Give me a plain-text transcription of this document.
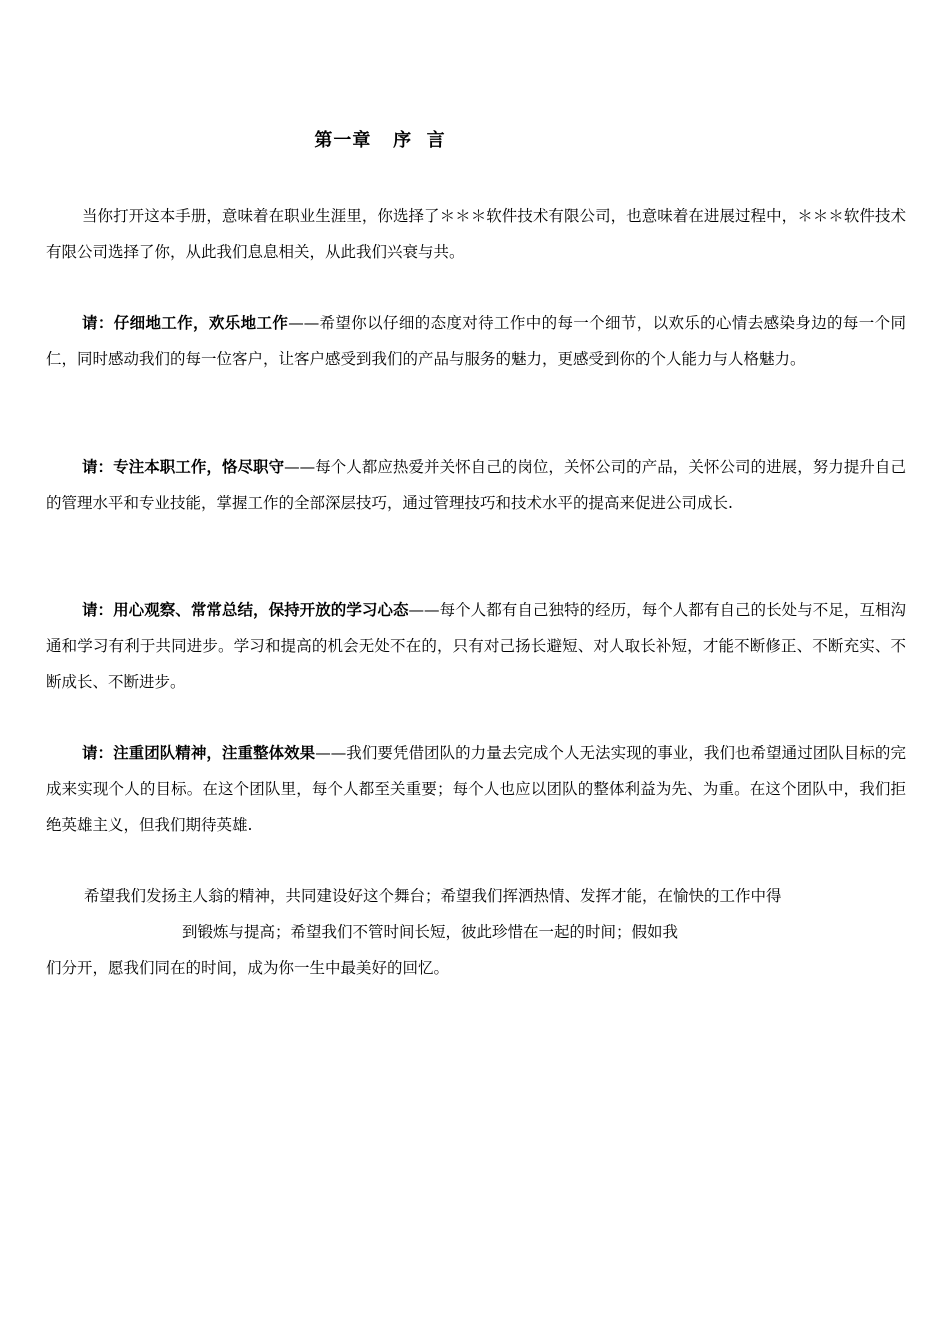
第一章   序  言

当你打开这本手册，意味着在职业生涯里，你选择了＊＊＊软件技术有限公司，也意味着在进展过程中，＊＊＊软件技术有限公司选择了你，从此我们息息相关，从此我们兴衰与共。

请：仔细地工作，欢乐地工作——希望你以仔细的态度对待工作中的每一个细节，以欢乐的心情去感染身边的每一个同仁，同时感动我们的每一位客户，让客户感受到我们的产品与服务的魅力，更感受到你的个人能力与人格魅力。

请：专注本职工作，恪尽职守——每个人都应热爱并关怀自己的岗位，关怀公司的产品，关怀公司的进展，努力提升自己的管理水平和专业技能，掌握工作的全部深层技巧，通过管理技巧和技术水平的提高来促进公司成长.

请：用心观察、常常总结，保持开放的学习心态——每个人都有自己独特的经历，每个人都有自己的长处与不足，互相沟通和学习有利于共同进步。学习和提高的机会无处不在的，只有对己扬长避短、对人取长补短，才能不断修正、不断充实、不断成长、不断进步。

请：注重团队精神，注重整体效果——我们要凭借团队的力量去完成个人无法实现的事业，我们也希望通过团队目标的完成来实现个人的目标。在这个团队里，每个人都至关重要；每个人也应以团队的整体利益为先、为重。在这个团队中，我们拒绝英雄主义，但我们期待英雄.

希望我们发扬主人翁的精神，共同建设好这个舞台；希望我们挥洒热情、发挥才能，在愉快的工作中得
到锻炼与提高；希望我们不管时间长短，彼此珍惜在一起的时间；假如我
们分开，愿我们同在的时间，成为你一生中最美好的回忆。
